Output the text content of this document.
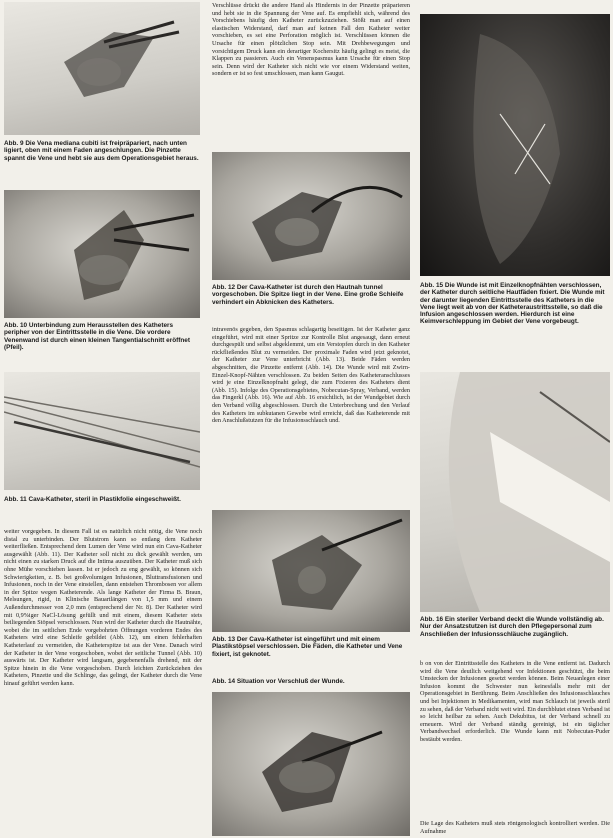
Abb. 9 Die Vena mediana cubiti ist freipräpariert, nach unten ligiert, oben mit einem Faden angeschlungen. Die Pinzette spannt die Vene und hebt sie aus dem Operationsgebiet heraus.

Abb. 10 Unterbindung zum Herausstellen des Katheters peripher von der Eintrittsstelle in die Vene. Die vordere Venenwand ist durch einen kleinen Tangentialschnitt eröffnet (Pfeil).

Abb. 11 Cava-Katheter, steril in Plastikfolie eingeschweißt.

weiter vorgegeben. In diesem Fall ist es natürlich nicht nötig, die Vene noch distal zu unterbinden. Der Blutstrom kann so entlang dem Katheter weiterfließen. Entsprechend dem Lumen der Vene wird nun ein Cava-Katheter ausgewählt (Abb. 11). Der Katheter soll nicht zu dick gewählt werden, um nicht einen zu starken Druck auf die Intima auszuüben. Der Katheter muß sich ohne Mühe vorschieben lassen. Ist er jedoch zu eng gewählt, so können sich Schwierigkeiten, z. B. bei großvolumigen Infusionen, Bluttransfusionen und Infusionen, noch in der Vene einstellen, dann entstehen Thrombosen vor allem in der Spitze wegen Katheterende. Als lange Katheter der Firma B. Braun, Melsungen, rigid, in Klinische Bauartlängen von 1,5 mm und einem Außendurchmesser von 2,0 mm (entsprechend der Nr. 8). Der Katheter wird mit 0,9%iger NaCl-Lösung gefüllt und mit einem, diesem Katheter stets beiliegenden Stöpsel verschlossen. Nun wird der Katheter durch die Hautnähte, wobei die im seitlichen Ende vorgebohrten Öffnungen vorderen Endes des Katheters wird eine Schleife gebildet (Abb. 12), um einen fehlerhaften Katheterlauf zu vermeiden, die Katheterspitze ist aus der Vene. Danach wird der Katheter in der Vene vorgeschoben, wobei der seitliche Tunnel (Abb. 10) auswärts ist. Der Katheter wird langsam, gegebenenfalls drehend, mit der Spitze hinein in die Vene vorgeschoben. Durch leichten Zurückziehen des Katheters, Pinzette und die Schlinge, das gelingt, der Katheter durch die Vene hinauf geführt werden kann.

Verschlüsse drückt die andere Hand als Hindernis in der Pinzette präparieren und hebt sie in die Spannung der Vene auf. Es empfiehlt sich, während des Vorschiebens häufig den Katheter zurückzuziehen. Stößt man auf einen elastischen Widerstand, darf man auf keinen Fall den Katheter weiter vorschieben, es sei eine Perforation möglich ist. Verschlüssen können die Ursache für einen plötzlichen Stop sein. Mit Drehbewegungen und vorsichtigem Druck kann ein derartiger Kochersitz häufig gelingt es meist, die Klappen zu passieren. Auch ein Venenspasmus kann Ursache für einen Stop sein. Denn wird der Katheter sich nicht wie vor einem Widerstand weiten, sondern er ist so fest umschlossen, man kann Gaugut.

Abb. 12 Der Cava-Katheter ist durch den Hautnah tunnel vorgeschoben. Die Spitze liegt in der Vene. Eine große Schleife verhindert ein Abknicken des Katheters.

intravenös gegeben, den Spasmus schlagartig beseitigen. Ist der Katheter ganz eingeführt, wird mit einer Spritze zur Kontrolle Blut angesaugt, dann erneut durchgespült und selbst abgeklemmt, um ein Verstopfen durch in den Katheter rückfließendes Blut zu vermeiden. Der proximale Faden wird jetzt geknotet, der Katheter zur Vene unterbricht (Abb. 13). Beide Fäden werden abgeschnitten, die Pinzette entfernt (Abb. 14). Die Wunde wird mit Zwirn-Einzel-Knopf-Nähten verschlossen. Zu beiden Seiten des Katheteranschlusses wird je eine Einzelknopfnaht gelegt, die zum Fixieren des Katheters dient (Abb. 15). Infolge des Operationsgebietes, Nobecutan-Spray, Verband, werden das Fingerkl (Abb. 16). Wie auf Abb. 16 ersichtlich, ist der Wundgebiet durch den Verband völlig abgeschlossen. Durch die Unterbrechung und den Verlauf des Katheters im subkutanen Gewebe wird erreicht, daß das Katheterende mit den Anschlußstutzen für die Infusionsschlauch und.

Abb. 13 Der Cava-Katheter ist eingeführt und mit einem Plastikstöpsel verschlossen. Die Fäden, die Katheter und Vene fixiert, ist geknotet.

Abb. 14 Situation vor Verschluß der Wunde.

Abb. 15 Die Wunde ist mit Einzelknopfnähten verschlossen, der Katheter durch seitliche Hautfäden fixiert. Die Wunde mit der darunter liegenden Eintrittsstelle des Katheters in die Vene liegt weit ab von der Katheteraustrittsstelle, so daß die Infusion angeschlossen werden. Hierdurch ist eine Keimverschleppung im Gebiet der Vene vorgebeugt.

Abb. 16 Ein steriler Verband deckt die Wunde vollständig ab. Nur der Ansatzstutzen ist durch den Pflegepersonal zum Anschließen der Infusionsschläuche zugänglich.

b on von der Eintrittsstelle des Katheters in die Vene entfernt ist. Dadurch wird die Vene deutlich weitgehend vor Infektionen geschützt, die beim Umstecken der Infusionen gesetzt werden können. Beim Neuanlegen einer Infusion kommt die Schwester nun keinesfalls mehr mit der Operationsgebiet in Berührung. Beim Anschließen des Infusionsschlauches und bei Injektionen in Medikamenten, wird man Schlauch ist jeweils steril zu sehen, daß der Verband nicht weit wird. Ein durchblutet einen Verband ist so leicht heilbar zu sehen. Auch Dekubitus, ist der Verband schnell zu erneuern. Wird der Verband ständig gereinigt, ist ein täglicher Verbandwechsel erforderlich. Die Wunde kann mit Nobecutan-Puder bestäubt werden.

Die Lage des Katheters muß stets röntgenologisch kontrolliert werden. Die Aufnahme
